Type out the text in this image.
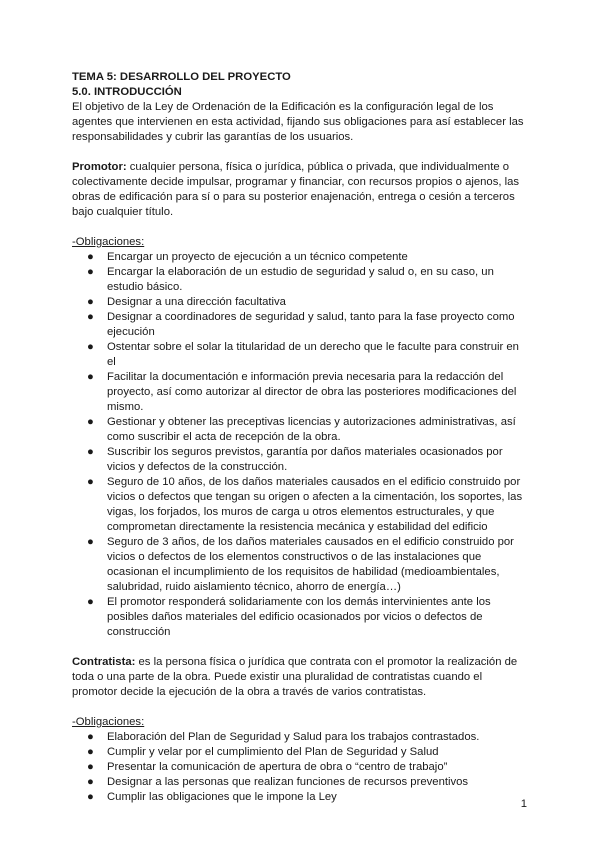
TEMA 5: DESARROLLO DEL PROYECTO
5.0. INTRODUCCIÓN

El objetivo de la Ley de Ordenación de la Edificación es la configuración legal de los agentes que intervienen en esta actividad, fijando sus obligaciones para así establecer las responsabilidades y cubrir las garantías de los usuarios.

Promotor: cualquier persona, física o jurídica, pública o privada, que individualmente o colectivamente decide impulsar, programar y financiar, con recursos propios o ajenos, las obras de edificación para sí o para su posterior enajenación, entrega o cesión a terceros bajo cualquier título.

-Obligaciones:
● Encargar un proyecto de ejecución a un técnico competente
● Encargar la elaboración de un estudio de seguridad y salud o, en su caso, un estudio básico.
● Designar a una dirección facultativa
● Designar a coordinadores de seguridad y salud, tanto para la fase proyecto como ejecución
● Ostentar sobre el solar la titularidad de un derecho que le faculte para construir en el
● Facilitar la documentación e información previa necesaria para la redacción del proyecto, así como autorizar al director de obra las posteriores modificaciones del mismo.
● Gestionar y obtener las preceptivas licencias y autorizaciones administrativas, así como suscribir el acta de recepción de la obra.
● Suscribir los seguros previstos, garantía por daños materiales ocasionados por vicios y defectos de la construcción.
● Seguro de 10 años, de los daños materiales causados en el edificio construido por vicios o defectos que tengan su origen o afecten a la cimentación, los soportes, las vigas, los forjados, los muros de carga u otros elementos estructurales, y que comprometan directamente la resistencia mecánica y estabilidad del edificio
● Seguro de 3 años, de los daños materiales causados en el edificio construido por vicios o defectos de los elementos constructivos o de las instalaciones que ocasionan el incumplimiento de los requisitos de habilidad (medioambientales, salubridad, ruido aislamiento técnico, ahorro de energía…)
● El promotor responderá solidariamente con los demás intervinientes ante los posibles daños materiales del edificio ocasionados por vicios o defectos de construcción

Contratista: es la persona física o jurídica que contrata con el promotor la realización de toda o una parte de la obra. Puede existir una pluralidad de contratistas cuando el promotor decide la ejecución de la obra a través de varios contratistas.

-Obligaciones:
● Elaboración del Plan de Seguridad y Salud para los trabajos contrastados.
● Cumplir y velar por el cumplimiento del Plan de Seguridad y Salud
● Presentar la comunicación de apertura de obra o “centro de trabajo”
● Designar a las personas que realizan funciones de recursos preventivos
● Cumplir las obligaciones que le impone la Ley
1
